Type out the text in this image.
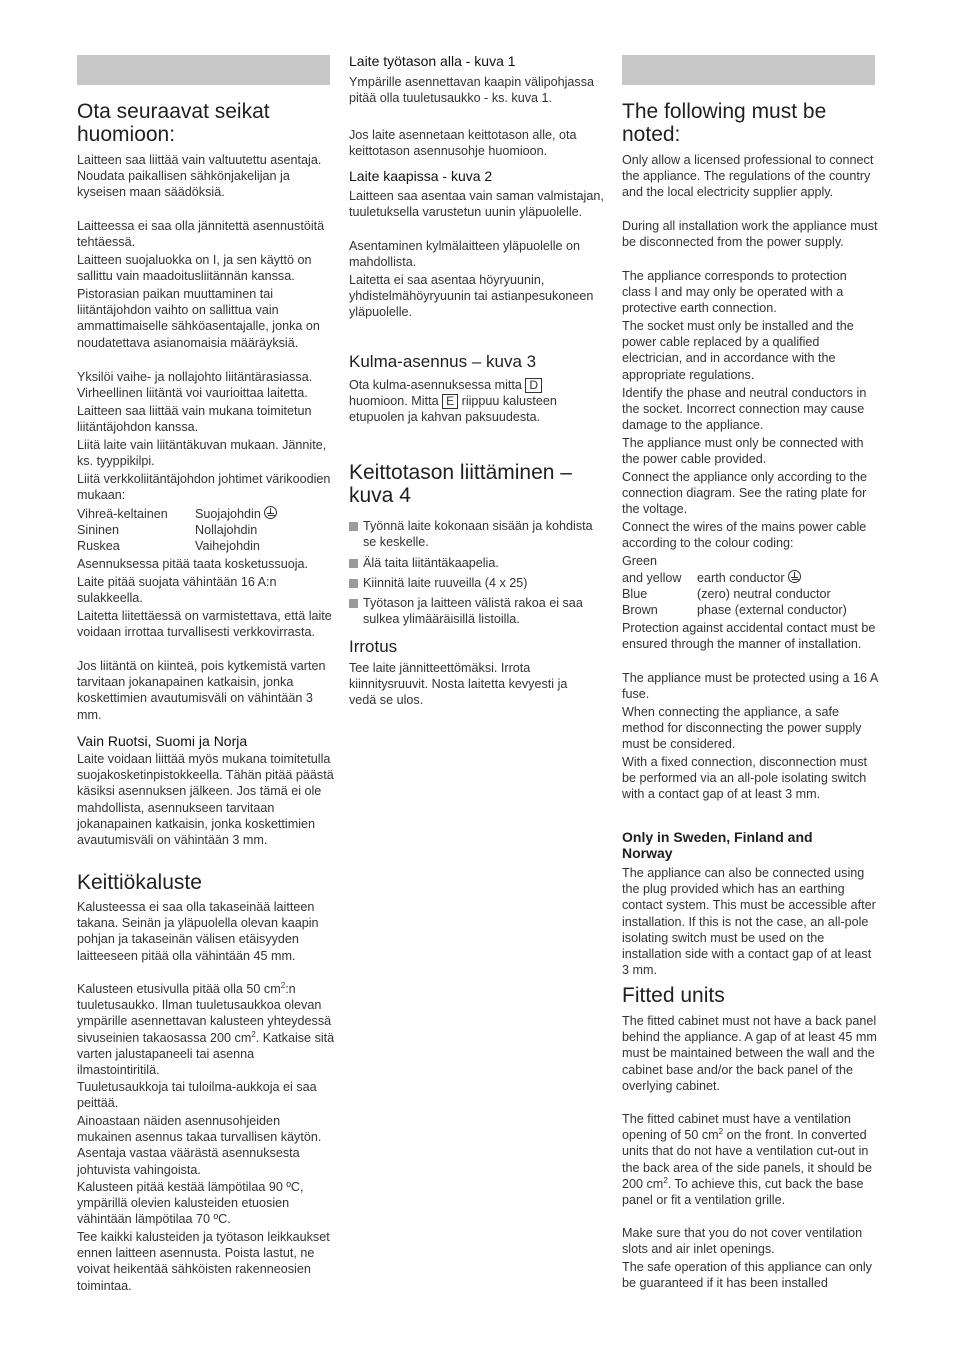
Ota seuraavat seikat huomioon:

Laitteen saa liittää vain valtuutettu asentaja. Noudata paikallisen sähkönjakelijan ja kyseisen maan säädöksiä.

Laitteessa ei saa olla jännitettä asennustöitä tehtäessä.

Laitteen suojaluokka on I, ja sen käyttö on sallittu vain maadoitusliitännän kanssa.

Pistorasian paikan muuttaminen tai liitäntäjohdon vaihto on sallittua vain ammattimaiselle sähköasentajalle, jonka on noudatettava asianomaisia määräyksiä.

Yksilöi vaihe- ja nollajohto liitäntärasiassa. Virheellinen liitäntä voi vaurioittaa laitetta.

Laitteen saa liittää vain mukana toimitetun liitäntäjohdon kanssa.

Liitä laite vain liitäntäkuvan mukaan. Jännite, ks. tyyppikilpi.

Liitä verkkoliitäntäjohdon johtimet värikoodien mukaan:

Vihreä-keltainen	Suojajohdin
Sininen	Nollajohdin
Ruskea	Vaihejohdin

Asennuksessa pitää taata kosketussuoja.

Laite pitää suojata vähintään 16 A:n sulakkeella.

Laitetta liitettäessä on varmistettava, että laite voidaan irrottaa turvallisesti verkkovirrasta.

Jos liitäntä on kiinteä, pois kytkemistä varten tarvitaan jokanapainen katkaisin, jonka koskettimien avautumisväli on vähintään 3 mm.

Vain Ruotsi, Suomi ja Norja

Laite voidaan liittää myös mukana toimitetulla suojakosketinpistokkeella. Tähän pitää päästä käsiksi asennuksen jälkeen. Jos tämä ei ole mahdollista, asennukseen tarvitaan jokanapainen katkaisin, jonka koskettimien avautumisväli on vähintään 3 mm.

Keittiökaluste

Kalusteessa ei saa olla takaseinää laitteen takana. Seinän ja yläpuolella olevan kaapin pohjan ja takaseinän välisen etäisyyden laitteeseen pitää olla vähintään 45 mm.

Kalusteen etusivulla pitää olla 50 $cm^2:n$ tuuletusaukko. Ilman tuuletusaukkoa olevan ympärille asennettavan kalusteen yhteydessä sivuseinien takaosassa 200 $cm^2$. Katkaise sitä varten jalustapaneeli tai asenna ilmastointiritilä.

Tuuletusaukkoja tai tuloilma-aukkoja ei saa peittää.

Ainoastaan näiden asennusohjeiden mukainen asennus takaa turvallisen käytön. Asentaja vastaa väärästä asennuksesta johtuvista vahingoista.

Kalusteen pitää kestää lämpötilaa 90 ºC, ympärillä olevien kalusteiden etuosien vähintään lämpötilaa 70 ºC.

Tee kaikki kalusteiden ja työtason leikkaukset ennen laitteen asennusta. Poista lastut, ne voivat heikentää sähköisten rakenneosien toimintaa.

Laite työtason alla - kuva 1

Ympärille asennettavan kaapin välipohjassa pitää olla tuuletusaukko - ks. kuva 1.

Jos laite asennetaan keittotason alle, ota keittotason asennusohje huomioon.

Laite kaapissa - kuva 2

Laitteen saa asentaa vain saman valmistajan, tuuletuksella varustetun uunin yläpuolelle.

Asentaminen kylmälaitteen yläpuolelle on mahdollista.

Laitetta ei saa asentaa höyryuunin, yhdistelmähöyryuunin tai astianpesukoneen yläpuolelle.

Kulma-asennus – kuva 3

Ota kulma-asennuksessa mitta D
huomioon. Mitta E riippuu kalusteen
etupuolen ja kahvan paksuudesta.

Keittotason liittäminen – kuva 4
Työnnä laite kokonaan sisään ja kohdista se keskelle.
Älä taita liitäntäkaapelia.
Kiinnitä laite ruuveilla (4 x 25)
Työtason ja laitteen välistä rakoa ei saa sulkea ylimääräisillä listoilla.
Irrotus

Tee laite jännitteettömäksi. Irrota kiinnitysruuvit. Nosta laitetta kevyesti ja vedä se ulos.

The following must be noted:

Only allow a licensed professional to connect the appliance. The regulations of the country and the local electricity supplier apply.

During all installation work the appliance must be disconnected from the power supply.

The appliance corresponds to protection class I and may only be operated with a protective earth connection.

The socket must only be installed and the power cable replaced by a qualified electrician, and in accordance with the appropriate regulations.

Identify the phase and neutral conductors in the socket. Incorrect connection may cause damage to the appliance.

The appliance must only be connected with the power cable provided.

Connect the appliance only according to the connection diagram. See the rating plate for the voltage.

Connect the wires of the mains power cable according to the colour coding:

Green

and yellow	earth conductor
Blue	(zero) neutral conductor
Brown	phase (external conductor)

Protection against accidental contact must be ensured through the manner of installation.

The appliance must be protected using a 16 A fuse.

When connecting the appliance, a safe method for disconnecting the power supply must be considered.

With a fixed connection, disconnection must be performed via an all-pole isolating switch with a contact gap of at least 3 mm.

Only in Sweden, Finland and Norway

The appliance can also be connected using the plug provided which has an earthing contact system. This must be accessible after installation. If this is not the case, an all-pole isolating switch must be used on the installation side with a contact gap of at least 3 mm.

Fitted units

The fitted cabinet must not have a back panel behind the appliance. A gap of at least 45 mm must be maintained between the wall and the cabinet base and/or the back panel of the overlying cabinet.

The fitted cabinet must have a ventilation opening of 50 $cm^2$ on the front. In converted units that do not have a ventilation cut-out in the back area of the side panels, it should be 200 $cm^2$. To achieve this, cut back the base panel or fit a ventilation grille.

Make sure that you do not cover ventilation slots and air inlet openings.

The safe operation of this appliance can only be guaranteed if it has been installed
